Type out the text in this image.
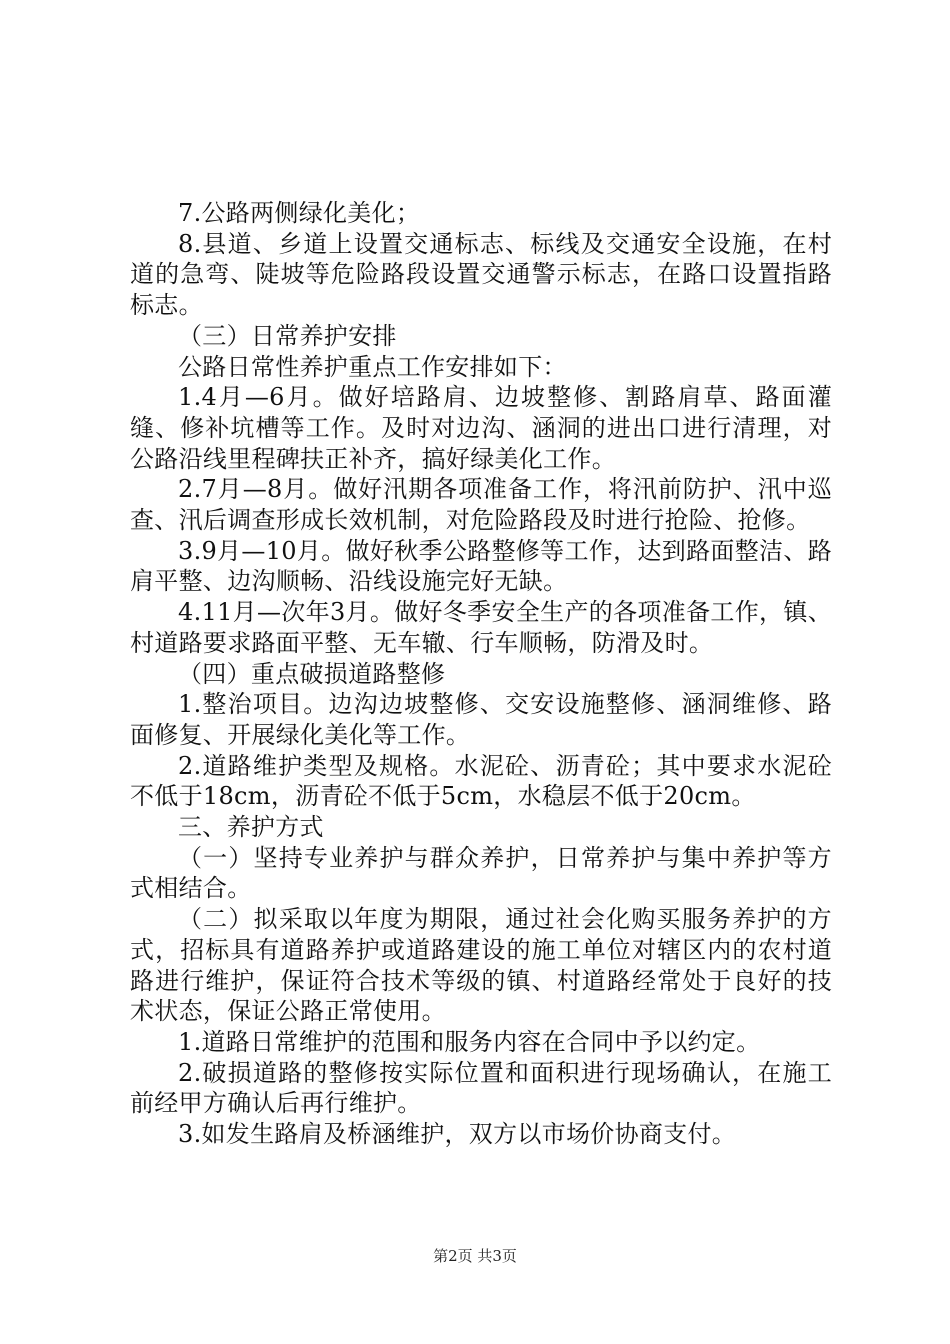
7.公路两侧绿化美化；

8.县道、乡道上设置交通标志、标线及交通安全设施，在村道的急弯、陡坡等危险路段设置交通警示标志，在路口设置指路标志。

（三）日常养护安排

公路日常性养护重点工作安排如下：

1.4月—6月。做好培路肩、边坡整修、割路肩草、路面灌缝、修补坑槽等工作。及时对边沟、涵洞的进出口进行清理，对公路沿线里程碑扶正补齐，搞好绿美化工作。

2.7月—8月。做好汛期各项准备工作，将汛前防护、汛中巡查、汛后调查形成长效机制，对危险路段及时进行抢险、抢修。

3.9月—10月。做好秋季公路整修等工作，达到路面整洁、路肩平整、边沟顺畅、沿线设施完好无缺。

4.11月—次年3月。做好冬季安全生产的各项准备工作，镇、村道路要求路面平整、无车辙、行车顺畅，防滑及时。

（四）重点破损道路整修

1.整治项目。边沟边坡整修、交安设施整修、涵洞维修、路面修复、开展绿化美化等工作。

2.道路维护类型及规格。水泥砼、沥青砼；其中要求水泥砼不低于18cm，沥青砼不低于5cm，水稳层不低于20cm。

三、养护方式

（一）坚持专业养护与群众养护，日常养护与集中养护等方式相结合。

（二）拟采取以年度为期限，通过社会化购买服务养护的方式，招标具有道路养护或道路建设的施工单位对辖区内的农村道路进行维护，保证符合技术等级的镇、村道路经常处于良好的技术状态，保证公路正常使用。

1.道路日常维护的范围和服务内容在合同中予以约定。

2.破损道路的整修按实际位置和面积进行现场确认，在施工前经甲方确认后再行维护。

3.如发生路肩及桥涵维护，双方以市场价协商支付。

第2页 共3页
